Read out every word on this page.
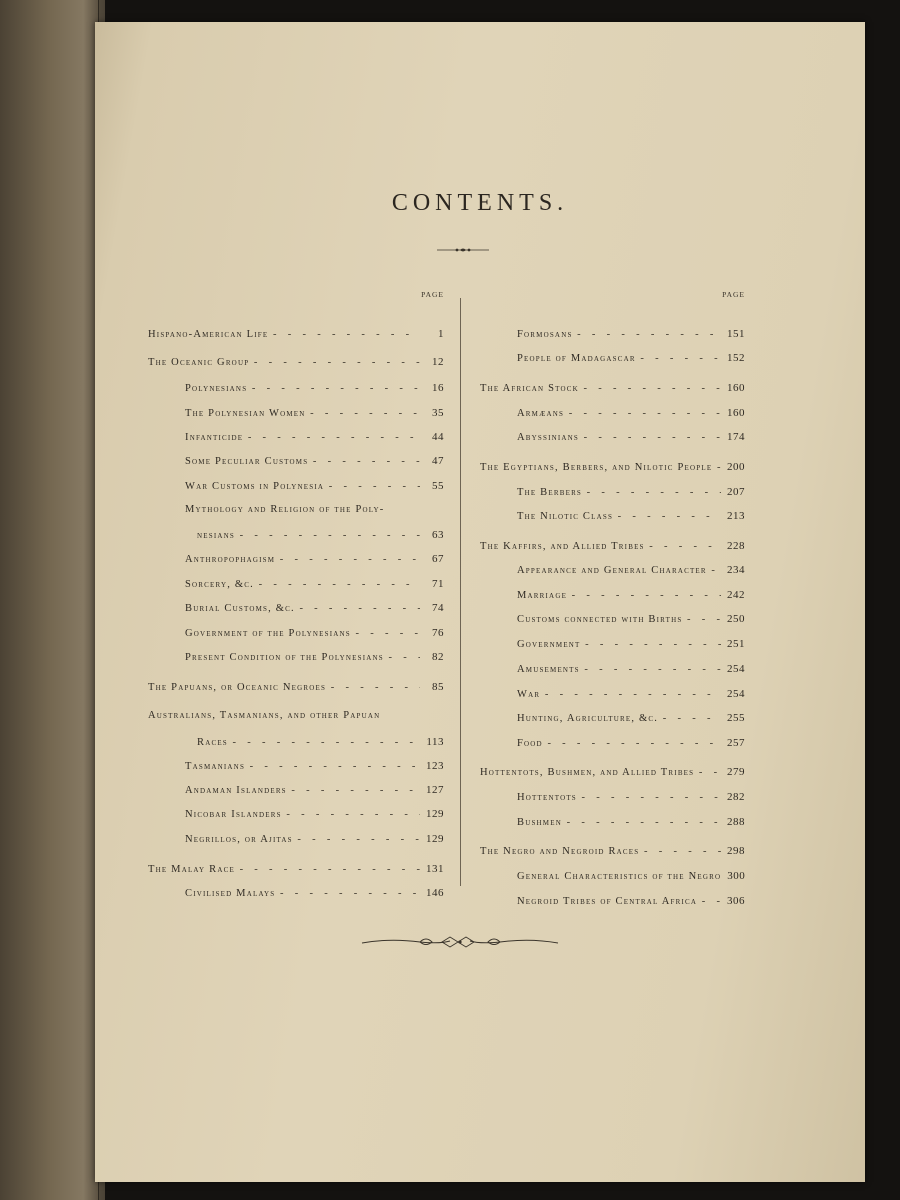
CONTENTS.
PAGE
Hispano-American Life - -	1
The Oceanic Group - -	12
Polynesians - -	16
The Polynesian Women - -	35
Infanticide - -	44
Some Peculiar Customs - -	47
War Customs in Polynesia - -	55
Mythology and Religion of the Poly-
nesians - -	63
Anthropophagism - -	67
Sorcery, &c. - -	71
Burial Customs, &c. - -	74
Government of the Polynesians - -	76
Present Condition of the Polynesians - -	82
The Papuans, or Oceanic Negroes - -	85
Australians, Tasmanians, and other Papuan
Races - -	113
Tasmanians - -	123
Andaman Islanders - -	127
Nicobar Islanders - -	129
Negrillos, or Ajitas - -	129
The Malay Race - -	131
Civilised Malays - -	146
PAGE
Formosans - -	151
People of Madagascar - -	152
The African Stock - -	160
Armæans - -	160
Abyssinians - -	174
The Egyptians, Berbers, and Nilotic People - -	200
The Berbers - -	207
The Nilotic Class - -	213
The Kaffirs, and Allied Tribes - -	228
Appearance and General Character - -	234
Marriage - -	242
Customs connected with Births - -	250
Government - -	251
Amusements - -	254
War - -	254
Hunting, Agriculture, &c. - -	255
Food - -	257
Hottentots, Bushmen, and Allied Tribes - -	279
Hottentots - -	282
Bushmen - -	288
The Negro and Negroid Races - -	298
General Characteristics of the Negro 300
Negroid Tribes of Central Africa - -	306
